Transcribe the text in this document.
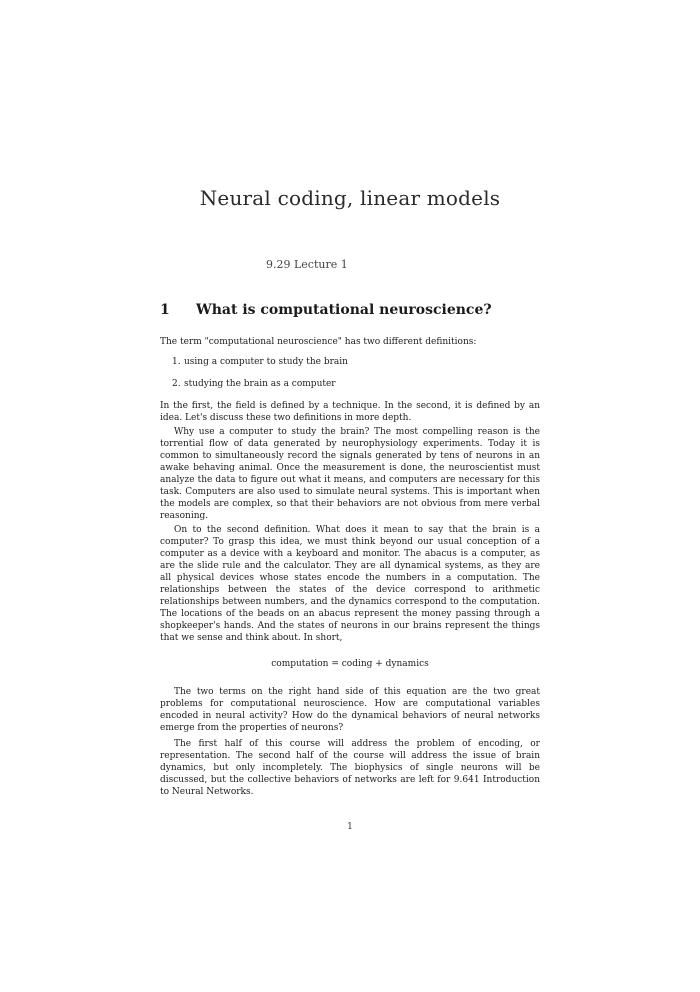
Neural coding, linear models
9.29 Lecture 1
1 What is computational neuroscience?
The term "computational neuroscience" has two different definitions:
1. using a computer to study the brain
2. studying the brain as a computer
In the first, the field is defined by a technique. In the second, it is defined by an idea. Let's discuss these two definitions in more depth.
Why use a computer to study the brain? The most compelling reason is the torrential flow of data generated by neurophysiology experiments. Today it is common to simultaneously record the signals generated by tens of neurons in an awake behaving animal. Once the measurement is done, the neuroscientist must analyze the data to figure out what it means, and computers are necessary for this task. Computers are also used to simulate neural systems. This is important when the models are complex, so that their behaviors are not obvious from mere verbal reasoning.
On to the second definition. What does it mean to say that the brain is a computer? To grasp this idea, we must think beyond our usual conception of a computer as a device with a keyboard and monitor. The abacus is a computer, as are the slide rule and the calculator. They are all dynamical systems, as they are all physical devices whose states encode the numbers in a computation. The relationships between the states of the device correspond to arithmetic relationships between numbers, and the dynamics correspond to the computation. The locations of the beads on an abacus represent the money passing through a shopkeeper's hands. And the states of neurons in our brains represent the things that we sense and think about. In short,
computation = coding + dynamics
The two terms on the right hand side of this equation are the two great problems for computational neuroscience. How are computational variables encoded in neural activity? How do the dynamical behaviors of neural networks emerge from the properties of neurons?
The first half of this course will address the problem of encoding, or representation. The second half of the course will address the issue of brain dynamics, but only incompletely. The biophysics of single neurons will be discussed, but the collective behaviors of networks are left for 9.641 Introduction to Neural Networks.
1
